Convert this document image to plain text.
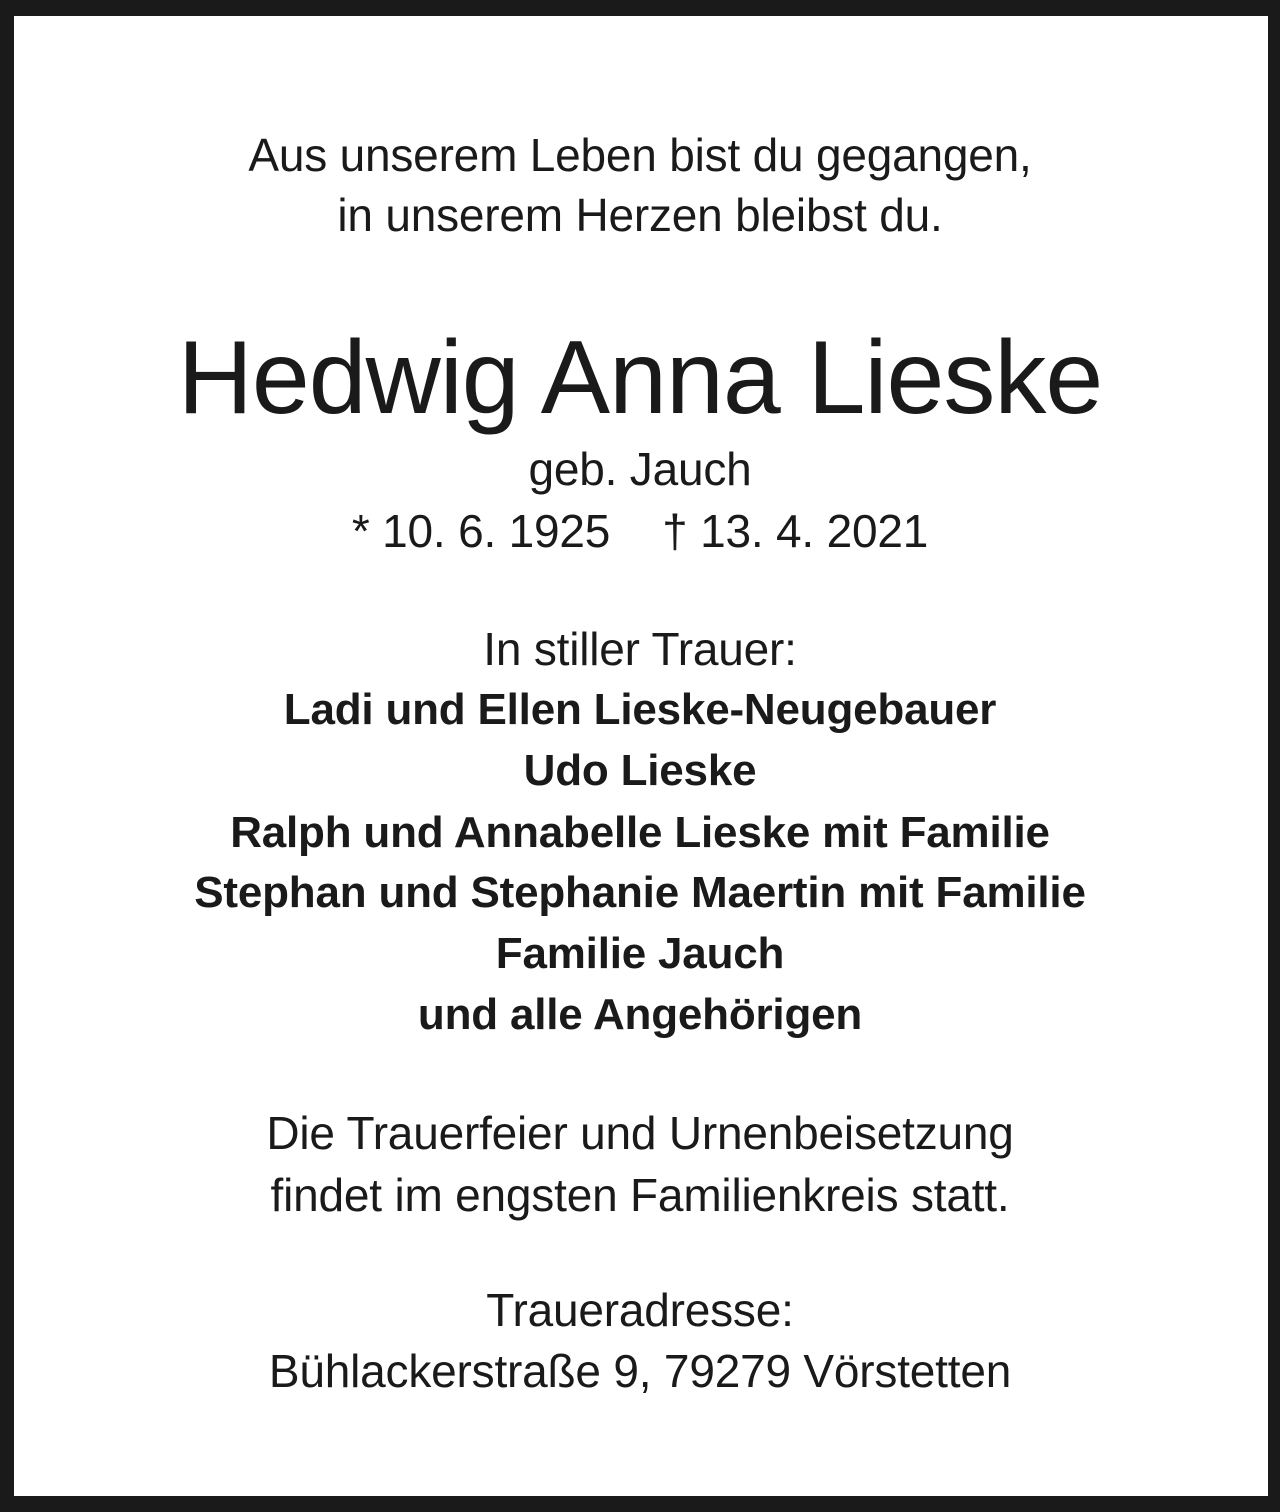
Aus unserem Leben bist du gegangen,
in unserem Herzen bleibst du.
Hedwig Anna Lieske
geb. Jauch
* 10. 6. 1925 † 13. 4. 2021
In stiller Trauer:
Ladi und Ellen Lieske-Neugebauer
Udo Lieske
Ralph und Annabelle Lieske mit Familie
Stephan und Stephanie Maertin mit Familie
Familie Jauch
und alle Angehörigen
Die Trauerfeier und Urnenbeisetzung
findet im engsten Familienkreis statt.
Traueradresse:
Bühlackerstraße 9, 79279 Vörstetten
